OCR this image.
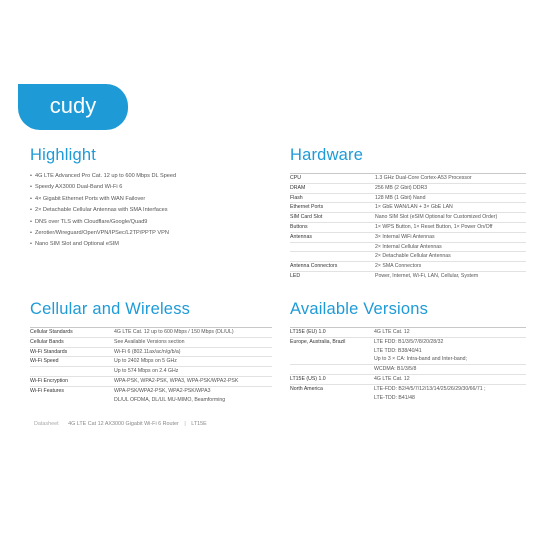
cudy
Highlight
• 4G LTE Advanced Pro Cat. 12 up to 600 Mbps DL Speed
• Speedy AX3000 Dual-Band Wi-Fi 6
• 4× Gigabit Ethernet Ports with WAN Failover
• 2× Detachable Cellular Antennas with SMA Interfaces
• DNS over TLS with Cloudflare/Google/Quad9
• Zerotier/Wireguard/OpenVPN/IPSec/L2TP/PPTP VPN
• Nano SIM Slot and Optional eSIM
Hardware
CPU	1.3 GHz Dual-Core Cortex-A53 Processor
DRAM	256 MB (2 Gbit) DDR3
Flash	128 MB (1 Gbit) Nand
Ethernet Ports	1× GbE WAN/LAN + 3× GbE LAN
SIM Card Slot	Nano SIM Slot (eSIM Optional for Customized Order)
Buttons	1× WPS Button, 1× Reset Button, 1× Power On/Off
Antennas	3× Internal WiFi Antennas
	2× Internal Cellular Antennas
	2× Detachable Cellular Antennas
Antenna Connectors	2× SMA Connectors
LED	Power, Internet, Wi-Fi, LAN, Cellular, System
Cellular and Wireless
Cellular Standards	4G LTE Cat. 12 up to 600 Mbps / 150 Mbps (DL/UL)
Cellular Bands	See Available Versions section
Wi-Fi Standards	Wi-Fi 6 (802.11ax/ac/n/g/b/a)
Wi-Fi Speed	Up to 2402 Mbps on 5 GHz
	Up to 574 Mbps on 2.4 GHz
Wi-Fi Encryption	WPA-PSK, WPA2-PSK, WPA3, WPA-PSK/WPA2-PSK
Wi-Fi Features	WPA-PSK/WPA2-PSK, WPA2-PSK/WPA3
	DL/UL OFDMA, DL/UL MU-MIMO, Beamforming
Available Versions
LT15E (EU) 1.0	4G LTE Cat. 12
Europe, Australia, Brazil	LTE FDD: B1/3/5/7/8/20/28/32
	LTE TDD: B38/40/41
	Up to 3 × CA: Intra-band and Inter-band;
	WCDMA: B1/3/5/8
LT15E (US) 1.0	4G LTE Cat. 12
North America	LTE-FDD: B2/4/5/7/12/13/14/25/26/29/30/66/71 ;
	LTE-TDD: B41/48
Datasheet 4G LTE Cat 12 AX3000 Gigabit Wi-Fi 6 Router | LT15E
